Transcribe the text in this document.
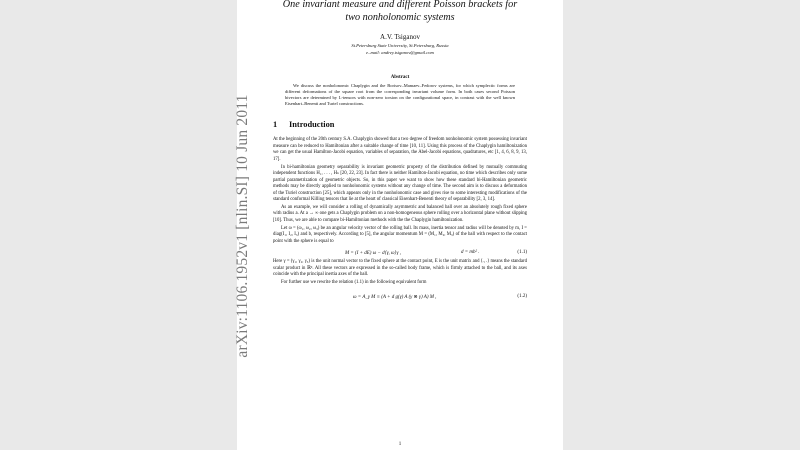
One invariant measure and different Poisson brackets for
two nonholonomic systems
A.V. Tsiganov
St.Petersburg State University, St.Petersburg, Russia
e–mail: andrey.tsiganov@gmail.com
Abstract
We discuss the nonholonomic Chaplygin and the Borisov–Mamaev–Fedorov systems, for which symplectic forms are different deformations of the square root from the corresponding invariant volume form. In both cases second Poisson bivectors are determined by L-tensors with non-zero torsion on the configurational space, in contrast with the well known Eisenhart–Benenti and Turiel constructions.
1 Introduction
At the beginning of the 20th century S.A. Chaplygin showed that a two degree of freedom nonholonomic system possessing invariant measure can be reduced to Hamiltonian after a suitable change of time [10, 11]. Using this process of the Chaplygin hamiltonization we can get the usual Hamilton-Jacobi equation, variables of separation, the Abel-Jacobi equations, quadratures, etc [1, 4, 6, 8, 9, 13, 17].
In bi-hamiltonian geometry separability is invariant geometric property of the distribution defined by mutually commuting independent functions H₁, . . . , Hₙ [20, 22, 23]. In fact there is neither Hamilton-Jacobi equation, no time which describes only some partial parametrization of geometric objects. So, in this paper we want to show how these standard bi-Hamiltonian geometric methods may be directly applied to nonholonomic systems without any change of time. The second aim is to discuss a deformation of the Turiel construction [25], which appears only in the nonholonomic case and gives rise to some interesting modifications of the standard conformal Killing tensors that lie at the heart of classical Eisenhart-Benenti theory of separability [2, 3, 14].
As an example, we will consider a rolling of dynamically asymmetric and balanced ball over an absolutely rough fixed sphere with radius a. At a → ∞ one gets a Chaplygin problem on a non-homogeneous sphere rolling over a horizontal plane without slipping [10]. Thus, we are able to compare bi-Hamiltonian methods with the the Chaplygin hamiltonization.
Let ω = (ω₁, ω₂, ω₃) be an angular velocity vector of the rolling ball. Its mass, inertia tensor and radius will be denoted by m, I = diag(I₁, I₂, I₃) and b, respectively. According to [5], the angular momentum M = (M₁, M₂, M₃) of the ball with respect to the contact point with the sphere is equal to
M = (I + dE) ω − d⟨γ, ω⟩γ ,	d = mb² .	(1.1)
Here γ = (γ₁, γ₂, γ₃) is the unit normal vector to the fixed sphere at the contact point, E is the unit matrix and ⟨., .⟩ means the standard scalar product in ℝ³. All these vectors are expressed in the so-called body frame, which is firmly attached to the ball, and its axes coincide with the principal inertia axes of the ball.
For further use we rewrite the relation (1.1) in the following equivalent form
ω = A_γ M ≡ (A + d g(γ) A (γ ⊗ γ) A) M ,	(1.2)
1
arXiv:1106.1952v1 [nlin.SI] 10 Jun 2011
